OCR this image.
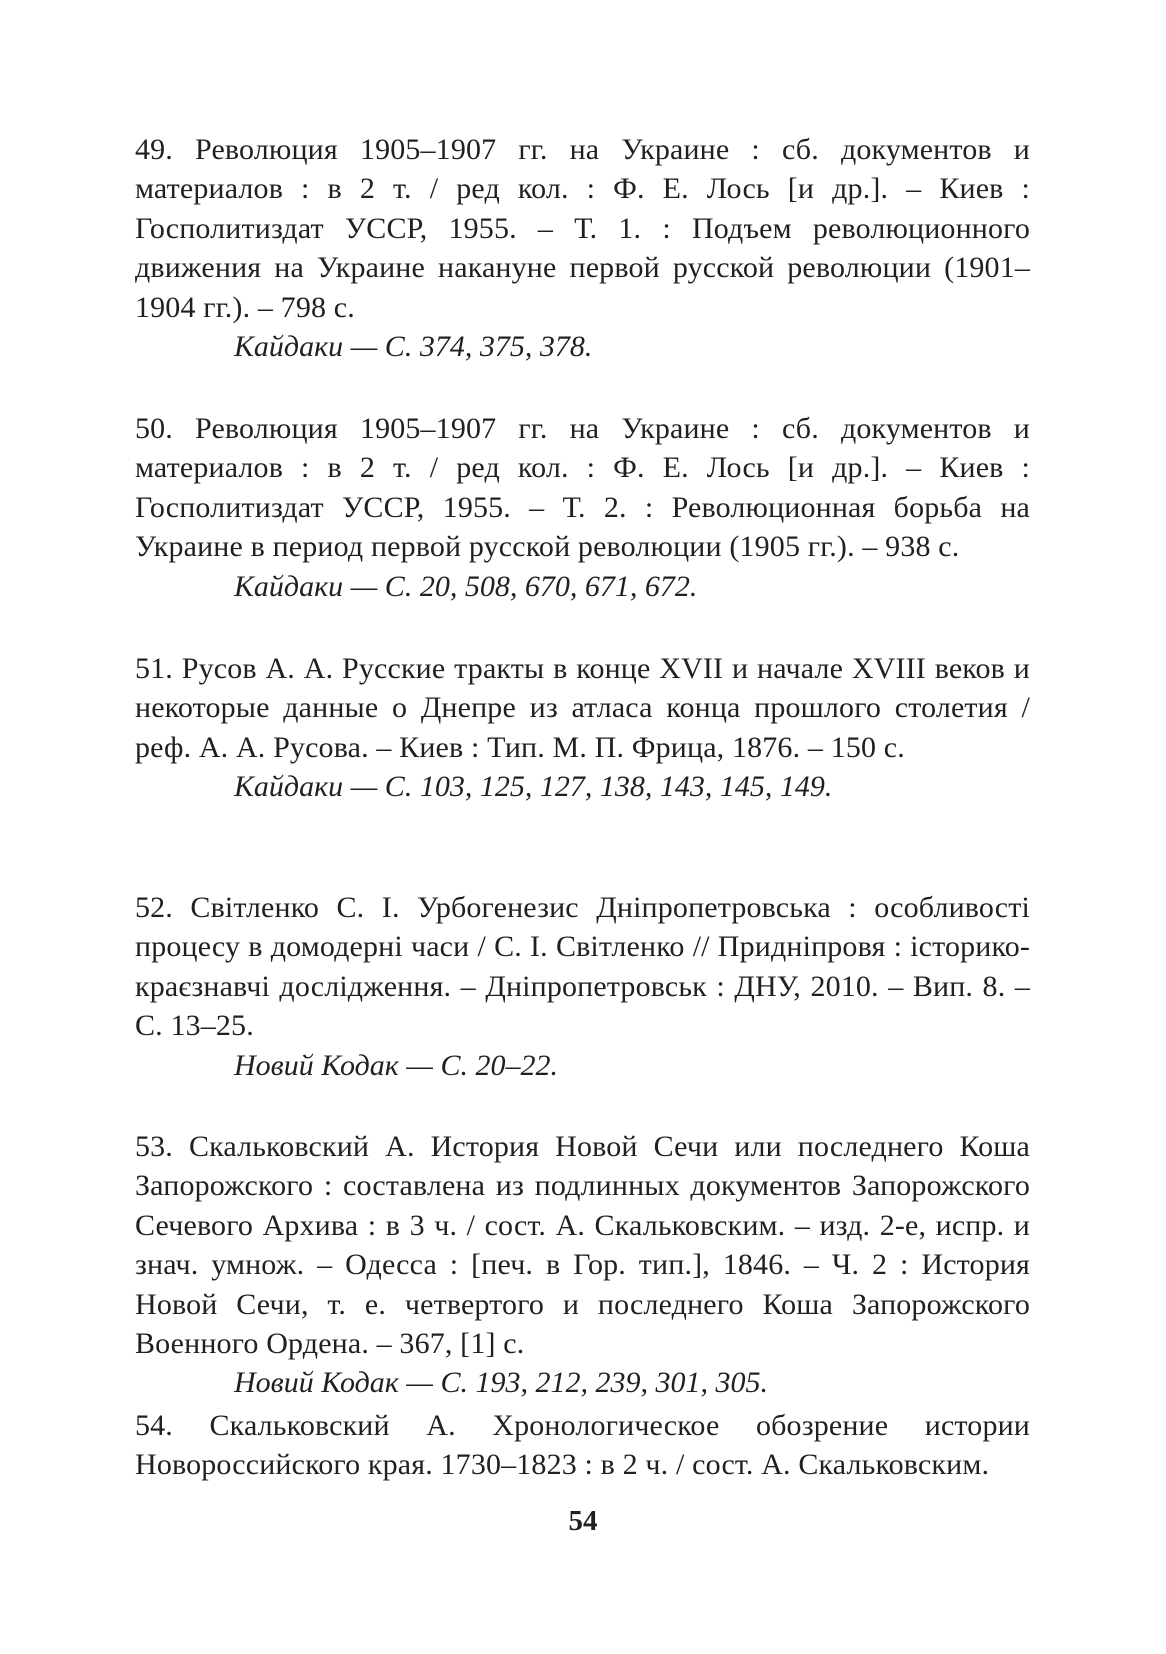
49. Революция 1905–1907 гг. на Украине : сб. документов и материалов : в 2 т. / ред кол. : Ф. Е. Лось [и др.]. – Киев : Госполитиздат УССР, 1955. – Т. 1. : Подъем революционного движения на Украине накануне первой русской революции (1901–1904 гг.). – 798 с.

Кайдаки — С. 374, 375, 378.

50. Революция 1905–1907 гг. на Украине : сб. документов и материалов : в 2 т. / ред кол. : Ф. Е. Лось [и др.]. – Киев : Госполитиздат УССР, 1955. – Т. 2. : Революционная борьба на Украине в период первой русской революции (1905 гг.). – 938 с.

Кайдаки — С. 20, 508, 670, 671, 672.

51. Русов А. А. Русские тракты в конце XVII и начале XVIII веков и некоторые данные о Днепре из атласа конца прошлого столетия / реф. А. А. Русова. – Киев : Тип. М. П. Фрица, 1876. – 150 с.

Кайдаки — С. 103, 125, 127, 138, 143, 145, 149.

52. Світленко С. І. Урбогенезис Дніпропетровська : особливості процесу в домодерні часи / С. І. Світленко // Придніпровя : історико-краєзнавчі дослідження. – Дніпропетровськ : ДНУ, 2010. – Вип. 8. – С. 13–25.

Новий Кодак — С. 20–22.

53. Скальковский А. История Новой Сечи или последнего Коша Запорожского : составлена из подлинных документов Запорожского Сечевого Архива : в 3 ч. / сост. А. Скальковским. – изд. 2-е, испр. и знач. умнож. – Одесса : [печ. в Гор. тип.], 1846. – Ч. 2 : История Новой Сечи, т. е. четвертого и последнего Коша Запорожского Военного Ордена. – 367, [1] с.

Новий Кодак — С. 193, 212, 239, 301, 305.

54. Скальковский А. Хронологическое обозрение истории Новороссийского края. 1730–1823 : в 2 ч. / сост. А. Скальковским.

54
